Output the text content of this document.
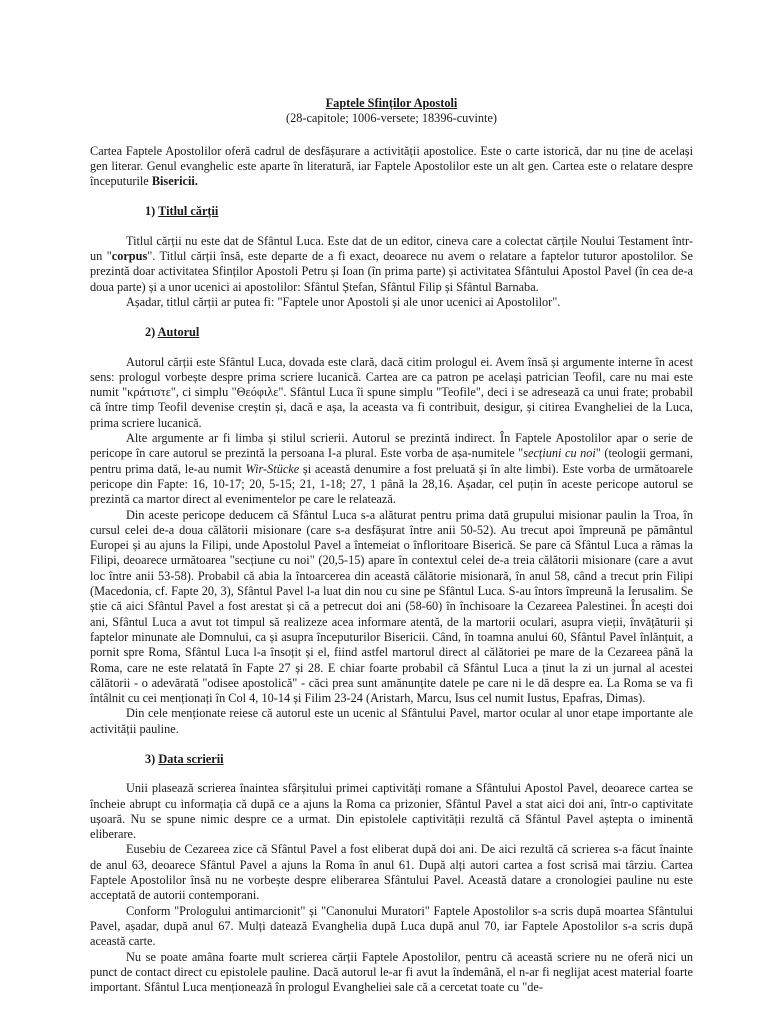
Faptele Sfinților Apostoli

(28-capitole; 1006-versete; 18396-cuvinte)

Cartea Faptele Apostolilor oferă cadrul de desfășurare a activității apostolice. Este o carte istorică, dar nu ține de același gen literar. Genul evanghelic este aparte în literatură, iar Faptele Apostolilor este un alt gen. Cartea este o relatare despre începuturile Bisericii.

1) Titlul cărții

Titlul cărții nu este dat de Sfântul Luca. Este dat de un editor, cineva care a colectat cărțile Noului Testament într-un "corpus". Titlul cărții însă, este departe de a fi exact, deoarece nu avem o relatare a faptelor tuturor apostolilor. Se prezintă doar activitatea Sfinților Apostoli Petru și Ioan (în prima parte) și activitatea Sfântului Apostol Pavel (în cea de-a doua parte) și a unor ucenici ai apostolilor: Sfântul Ștefan, Sfântul Filip și Sfântul Barnaba.

Așadar, titlul cărții ar putea fi: "Faptele unor Apostoli și ale unor ucenici ai Apostolilor".

2) Autorul

Autorul cărții este Sfântul Luca, dovada este clară, dacă citim prologul ei. Avem însă și argumente interne în acest sens: prologul vorbește despre prima scriere lucanică. Cartea are ca patron pe același patrician Teofil, care nu mai este numit "κράτιστε", ci simplu "Θεόφιλε". Sfântul Luca îi spune simplu "Teofile", deci i se adresează ca unui frate; probabil că între timp Teofil devenise creștin și, dacă e așa, la aceasta va fi contribuit, desigur, și citirea Evangheliei de la Luca, prima scriere lucanică.

Alte argumente ar fi limba și stilul scrierii. Autorul se prezintă indirect. În Faptele Apostolilor apar o serie de pericope în care autorul se prezintă la persoana I-a plural. Este vorba de așa-numitele "secțiuni cu noi" (teologii germani, pentru prima dată, le-au numit Wir-Stücke și această denumire a fost preluată și în alte limbi). Este vorba de următoarele pericope din Fapte: 16, 10-17; 20, 5-15; 21, 1-18; 27, 1 până la 28,16. Așadar, cel puțin în aceste pericope autorul se prezintă ca martor direct al evenimentelor pe care le relatează.

Din aceste pericope deducem că Sfântul Luca s-a alăturat pentru prima dată grupului misionar paulin la Troa, în cursul celei de-a doua călătorii misionare (care s-a desfășurat între anii 50-52). Au trecut apoi împreună pe pământul Europei și au ajuns la Filipi, unde Apostolul Pavel a întemeiat o înfloritoare Biserică. Se pare că Sfântul Luca a rămas la Filipi, deoarece următoarea "secțiune cu noi" (20,5-15) apare în contextul celei de-a treia călătorii misionare (care a avut loc între anii 53-58). Probabil că abia la întoarcerea din această călătorie misionară, în anul 58, când a trecut prin Filipi (Macedonia, cf. Fapte 20, 3), Sfântul Pavel l-a luat din nou cu sine pe Sfântul Luca. S-au întors împreună la Ierusalim. Se știe că aici Sfântul Pavel a fost arestat și că a petrecut doi ani (58-60) în închisoare la Cezareea Palestinei. În acești doi ani, Sfântul Luca a avut tot timpul să realizeze acea informare atentă, de la martorii oculari, asupra vieții, învățăturii și faptelor minunate ale Domnului, ca și asupra începuturilor Bisericii. Când, în toamna anului 60, Sfântul Pavel înlănțuit, a pornit spre Roma, Sfântul Luca l-a însoțit și el, fiind astfel martorul direct al călătoriei pe mare de la Cezareea până la Roma, care ne este relatată în Fapte 27 și 28. E chiar foarte probabil că Sfântul Luca a ținut la zi un jurnal al acestei călătorii - o adevărată "odisee apostolică" - căci prea sunt amănunțite datele pe care ni le dă despre ea. La Roma se va fi întâlnit cu cei menționați în Col 4, 10-14 și Filim 23-24 (Aristarh, Marcu, Isus cel numit Iustus, Epafras, Dimas).

Din cele menționate reiese că autorul este un ucenic al Sfântului Pavel, martor ocular al unor etape importante ale activității pauline.

3) Data scrierii

Unii plasează scrierea înaintea sfârșitului primei captivități romane a Sfântului Apostol Pavel, deoarece cartea se încheie abrupt cu informația că după ce a ajuns la Roma ca prizonier, Sfântul Pavel a stat aici doi ani, într-o captivitate ușoară. Nu se spune nimic despre ce a urmat. Din epistolele captivității rezultă că Sfântul Pavel aștepta o iminentă eliberare.

Eusebiu de Cezareea zice că Sfântul Pavel a fost eliberat după doi ani. De aici rezultă că scrierea s-a făcut înainte de anul 63, deoarece Sfântul Pavel a ajuns la Roma în anul 61. După alți autori cartea a fost scrisă mai târziu. Cartea Faptele Apostolilor însă nu ne vorbește despre eliberarea Sfântului Pavel. Această datare a cronologiei pauline nu este acceptată de autorii contemporani.

Conform "Prologului antimarcionit" și "Canonului Muratori" Faptele Apostolilor s-a scris după moartea Sfântului Pavel, așadar, după anul 67. Mulți datează Evanghelia după Luca după anul 70, iar Faptele Apostolilor s-a scris după această carte.

Nu se poate amâna foarte mult scrierea cărții Faptele Apostolilor, pentru că această scriere nu ne oferă nici un punct de contact direct cu epistolele pauline. Dacă autorul le-ar fi avut la îndemână, el n-ar fi neglijat acest material foarte important. Sfântul Luca menționează în prologul Evangheliei sale că a cercetat toate cu "de-
